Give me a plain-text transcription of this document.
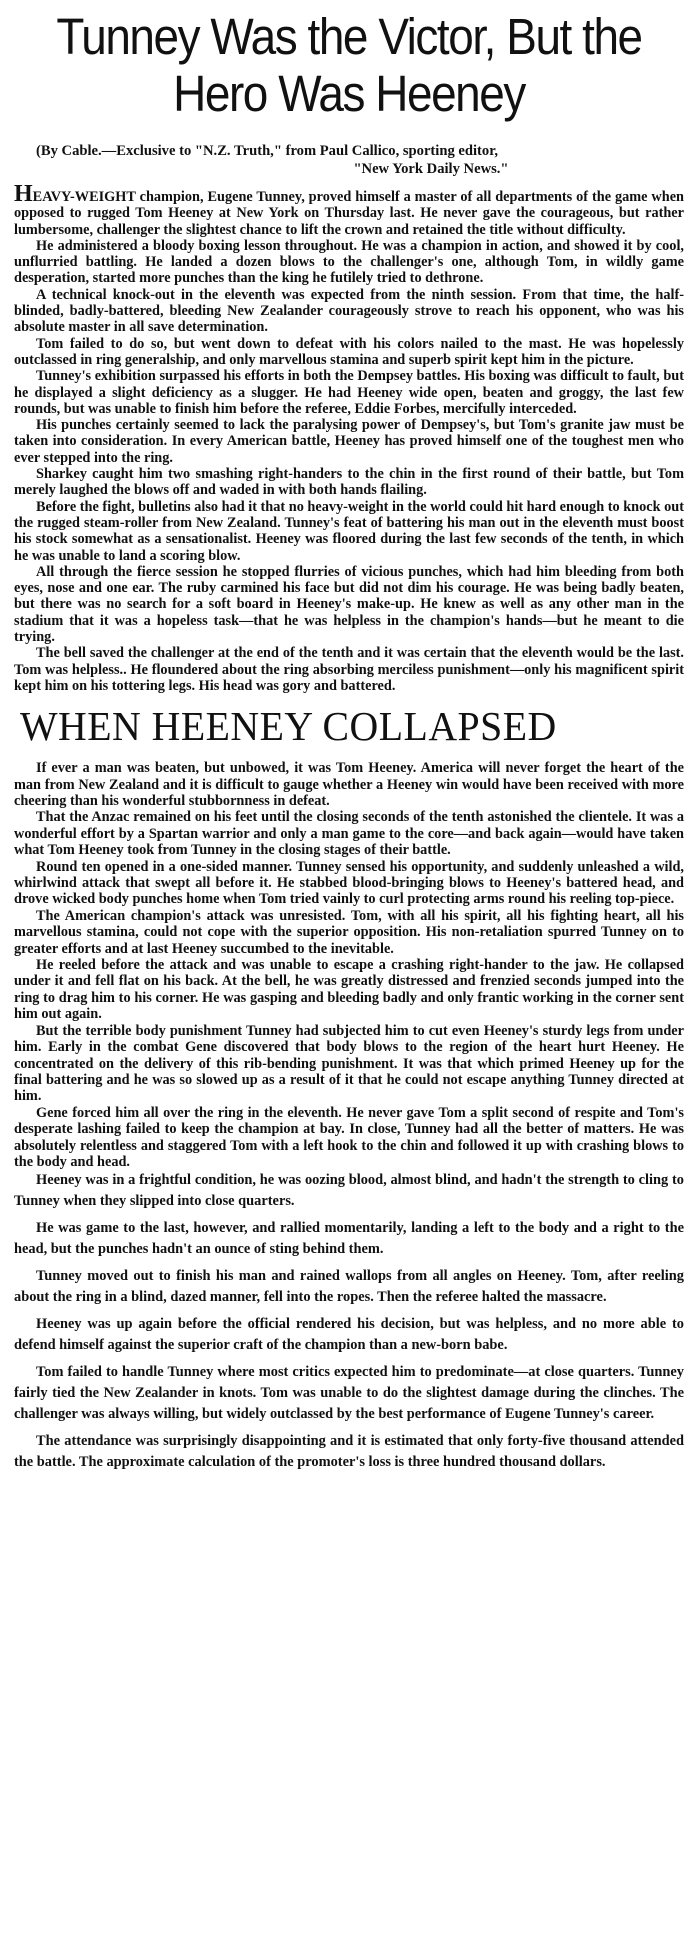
Tunney Was the Victor, But the
Hero Was Heeney
(By Cable.—Exclusive to "N.Z. Truth," from Paul Callico, sporting editor,
"New York Daily News."

HEAVY-WEIGHT champion, Eugene Tunney, proved himself a master of all departments of the game when opposed to rugged Tom Heeney at New York on Thursday last. He never gave the courageous, but rather lumbersome, challenger the slightest chance to lift the crown and retained the title without difficulty.

He administered a bloody boxing lesson throughout. He was a champion in action, and showed it by cool, unflurried battling. He landed a dozen blows to the challenger's one, although Tom, in wildly game desperation, started more punches than the king he futilely tried to dethrone.

A technical knock-out in the eleventh was expected from the ninth session. From that time, the half-blinded, badly-battered, bleeding New Zealander courageously strove to reach his opponent, who was his absolute master in all save determination.

Tom failed to do so, but went down to defeat with his colors nailed to the mast. He was hopelessly outclassed in ring generalship, and only marvellous stamina and superb spirit kept him in the picture.

Tunney's exhibition surpassed his efforts in both the Dempsey battles. His boxing was difficult to fault, but he displayed a slight deficiency as a slugger. He had Heeney wide open, beaten and groggy, the last few rounds, but was unable to finish him before the referee, Eddie Forbes, mercifully interceded.

His punches certainly seemed to lack the paralysing power of Dempsey's, but Tom's granite jaw must be taken into consideration. In every American battle, Heeney has proved himself one of the toughest men who ever stepped into the ring.

Sharkey caught him two smashing right-handers to the chin in the first round of their battle, but Tom merely laughed the blows off and waded in with both hands flailing.

Before the fight, bulletins also had it that no heavy-weight in the world could hit hard enough to knock out the rugged steam-roller from New Zealand. Tunney's feat of battering his man out in the eleventh must boost his stock somewhat as a sensationalist. Heeney was floored during the last few seconds of the tenth, in which he was unable to land a scoring blow.

All through the fierce session he stopped flurries of vicious punches, which had him bleeding from both eyes, nose and one ear. The ruby carmined his face but did not dim his courage. He was being badly beaten, but there was no search for a soft board in Heeney's make-up. He knew as well as any other man in the stadium that it was a hopeless task—that he was helpless in the champion's hands—but he meant to die trying.

The bell saved the challenger at the end of the tenth and it was certain that the eleventh would be the last. Tom was helpless.. He floundered about the ring absorbing merciless punishment—only his magnificent spirit kept him on his tottering legs. His head was gory and battered.

WHEN HEENEY COLLAPSED

If ever a man was beaten, but unbowed, it was Tom Heeney. America will never forget the heart of the man from New Zealand and it is difficult to gauge whether a Heeney win would have been received with more cheering than his wonderful stubbornness in defeat.

That the Anzac remained on his feet until the closing seconds of the tenth astonished the clientele. It was a wonderful effort by a Spartan warrior and only a man game to the core—and back again—would have taken what Tom Heeney took from Tunney in the closing stages of their battle.

Round ten opened in a one-sided manner. Tunney sensed his opportunity, and suddenly unleashed a wild, whirlwind attack that swept all before it. He stabbed blood-bringing blows to Heeney's battered head, and drove wicked body punches home when Tom tried vainly to curl protecting arms round his reeling top-piece.

The American champion's attack was unresisted. Tom, with all his spirit, all his fighting heart, all his marvellous stamina, could not cope with the superior opposition. His non-retaliation spurred Tunney on to greater efforts and at last Heeney succumbed to the inevitable.

He reeled before the attack and was unable to escape a crashing right-hander to the jaw. He collapsed under it and fell flat on his back. At the bell, he was greatly distressed and frenzied seconds jumped into the ring to drag him to his corner. He was gasping and bleeding badly and only frantic working in the corner sent him out again.

But the terrible body punishment Tunney had subjected him to cut even Heeney's sturdy legs from under him. Early in the combat Gene discovered that body blows to the region of the heart hurt Heeney. He concentrated on the delivery of this rib-bending punishment. It was that which primed Heeney up for the final battering and he was so slowed up as a result of it that he could not escape anything Tunney directed at him.

Gene forced him all over the ring in the eleventh. He never gave Tom a split second of respite and Tom's desperate lashing failed to keep the champion at bay. In close, Tunney had all the better of matters. He was absolutely relentless and staggered Tom with a left hook to the chin and followed it up with crashing blows to the body and head.

Heeney was in a frightful condition, he was oozing blood, almost blind, and hadn't the strength to cling to Tunney when they slipped into close quarters.

He was game to the last, however, and rallied momentarily, landing a left to the body and a right to the head, but the punches hadn't an ounce of sting behind them.

Tunney moved out to finish his man and rained wallops from all angles on Heeney. Tom, after reeling about the ring in a blind, dazed manner, fell into the ropes. Then the referee halted the massacre.

Heeney was up again before the official rendered his decision, but was helpless, and no more able to defend himself against the superior craft of the champion than a new-born babe.

Tom failed to handle Tunney where most critics expected him to predominate—at close quarters. Tunney fairly tied the New Zealander in knots. Tom was unable to do the slightest damage during the clinches. The challenger was always willing, but widely outclassed by the best performance of Eugene Tunney's career.

The attendance was surprisingly disappointing and it is estimated that only forty-five thousand attended the battle. The approximate calculation of the promoter's loss is three hundred thousand dollars.
